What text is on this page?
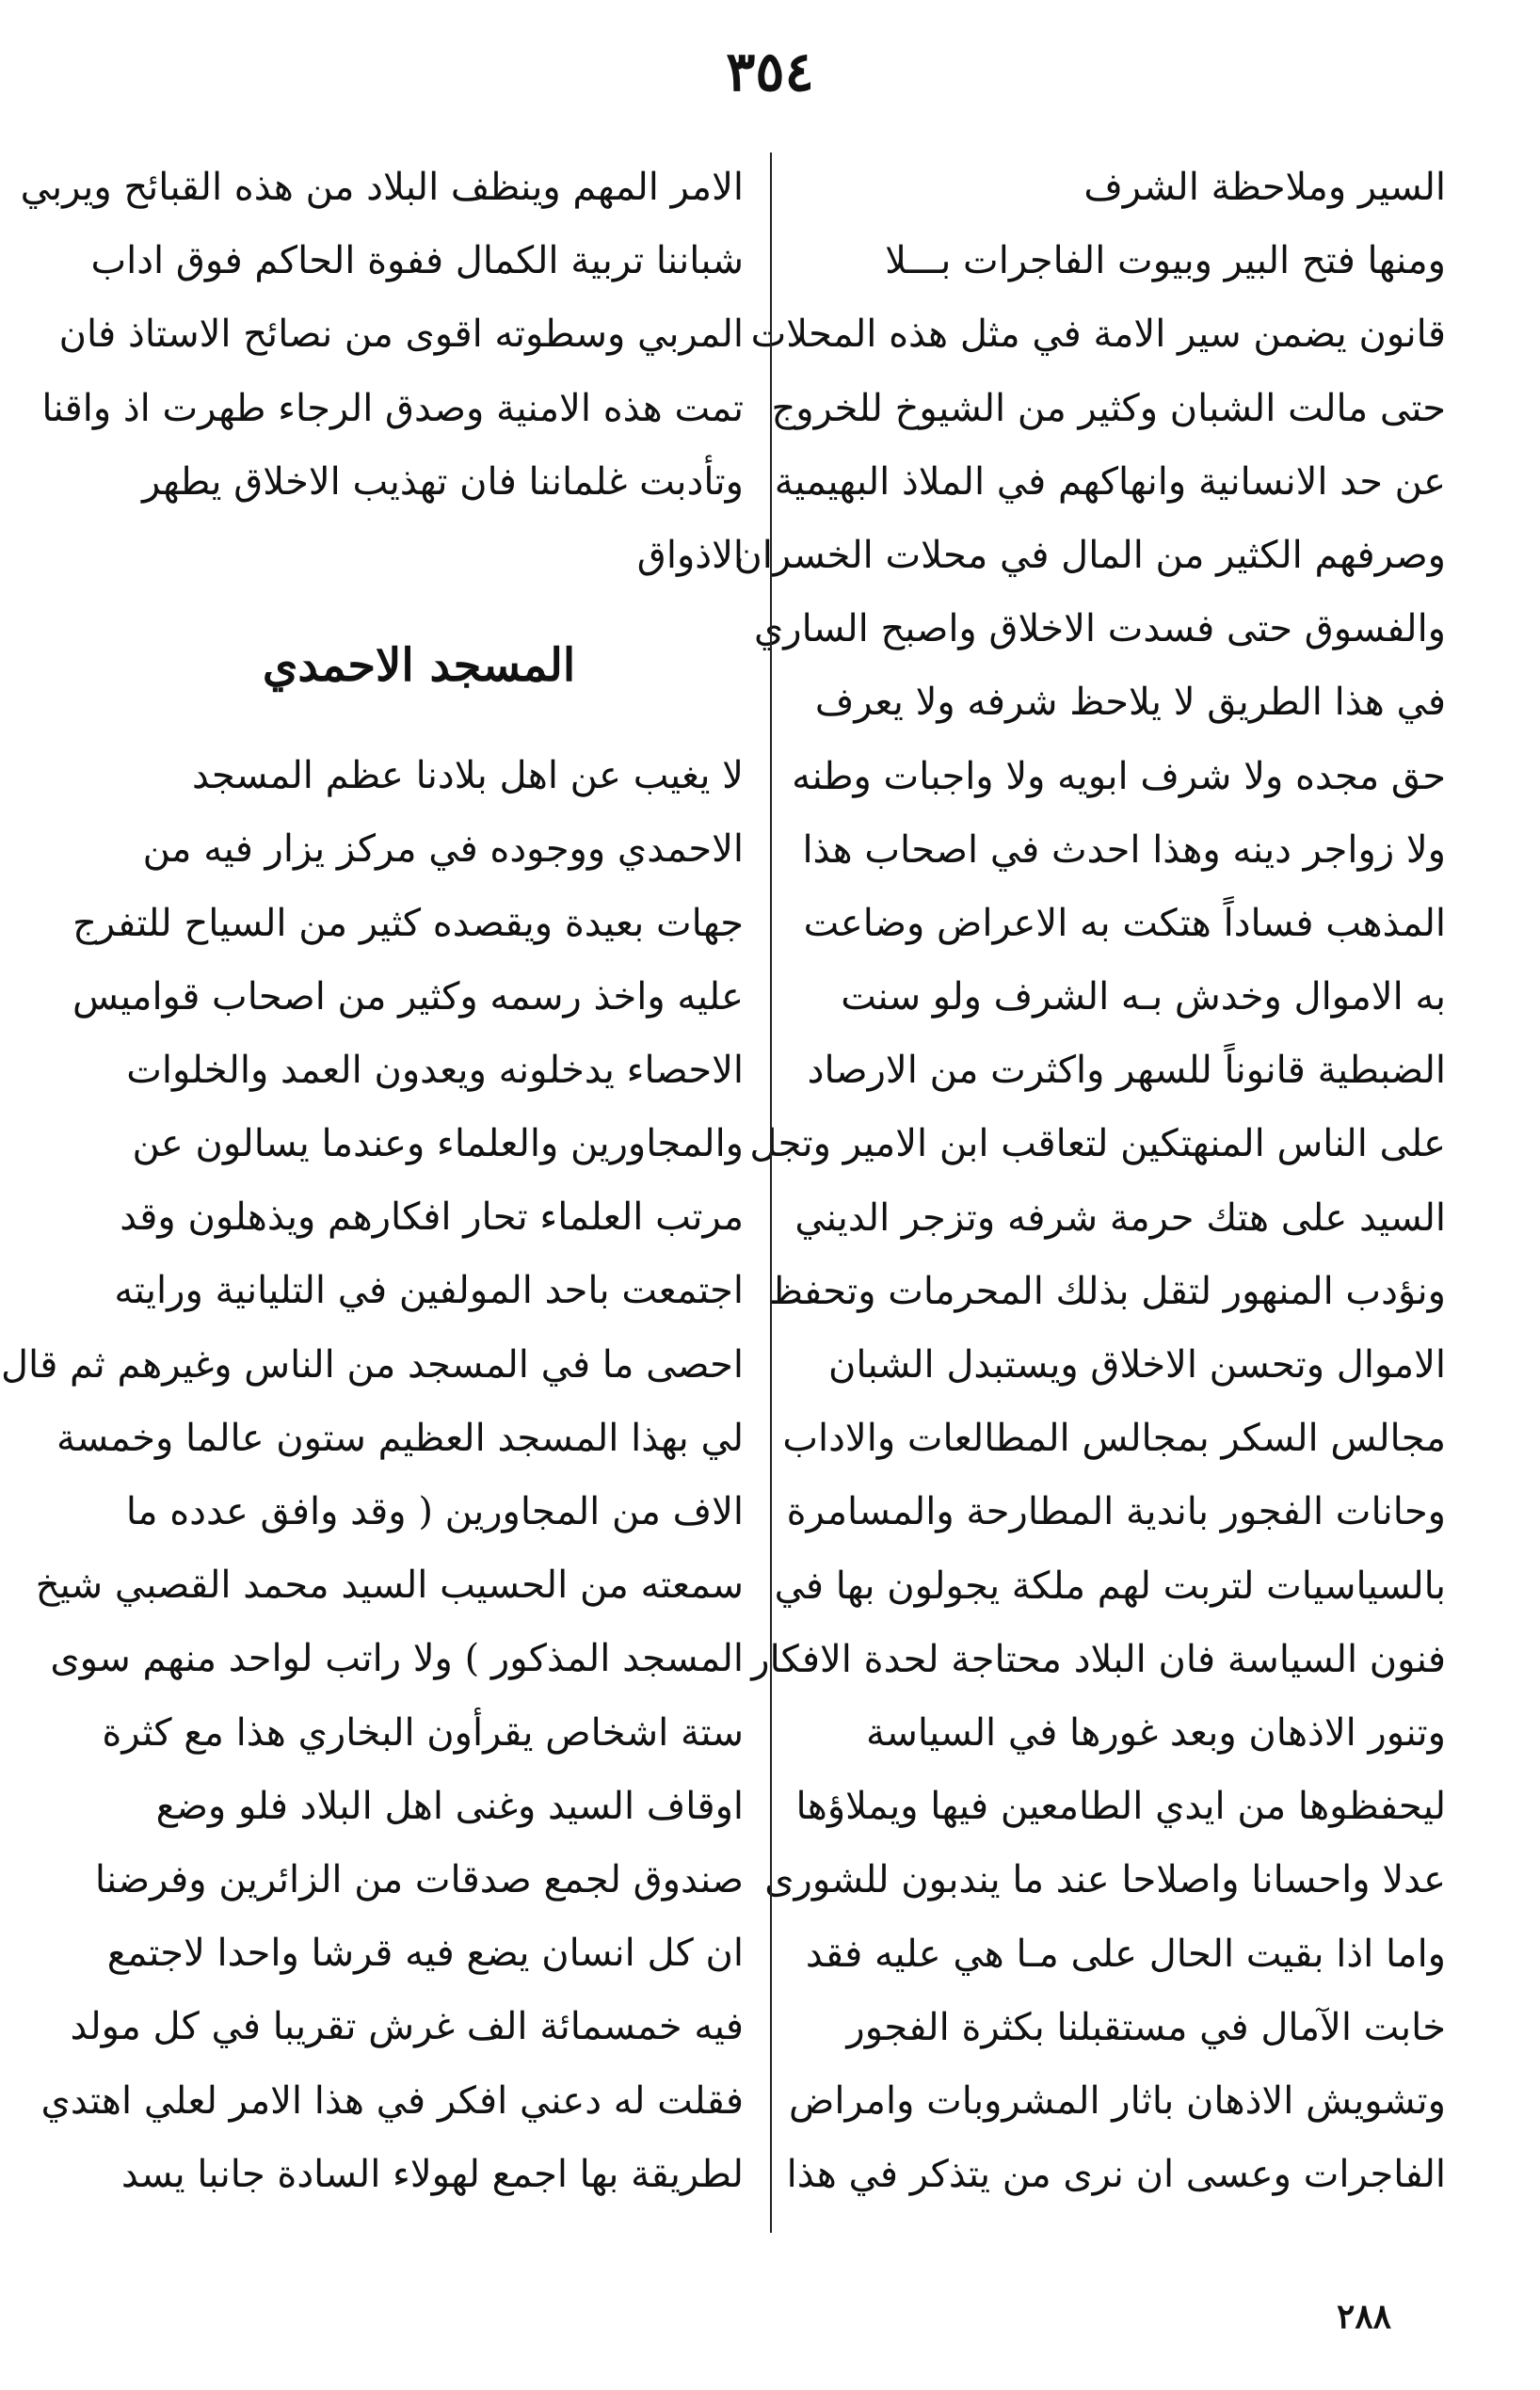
٣٥٤
السير وملاحظة الشرف
ومنها فتح البير وبيوت الفاجرات بـــلا
قانون يضمن سير الامة في مثل هذه المحلات
حتى مالت الشبان وكثير من الشيوخ للخروج
عن حد الانسانية وانهاكهم في الملاذ البهيمية
وصرفهم الكثير من المال في محلات الخسران
والفسوق حتى فسدت الاخلاق واصبح الساري
في هذا الطريق لا يلاحظ شرفه ولا يعرف
حق مجده ولا شرف ابويه ولا واجبات وطنه
ولا زواجر دينه وهذا احدث في اصحاب هذا
المذهب فساداً هتكت به الاعراض وضاعت
به الاموال وخدش بـه الشرف ولو سنت
الضبطية قانوناً للسهر واكثرت من الارصاد
على الناس المنهتكين لتعاقب ابن الامير وتجل
السيد على هتك حرمة شرفه وتزجر الديني
ونؤدب المنهور لتقل بذلك المحرمات وتحفظ
الاموال وتحسن الاخلاق ويستبدل الشبان
مجالس السكر بمجالس المطالعات والاداب
وحانات الفجور باندية المطارحة والمسامرة
بالسياسيات لتربت لهم ملكة يجولون بها في
فنون السياسة فان البلاد محتاجة لحدة الافكار
وتنور الاذهان وبعد غورها في السياسة
ليحفظوها من ايدي الطامعين فيها ويملاؤها
عدلا واحسانا واصلاحا عند ما يندبون للشورى
واما اذا بقيت الحال على مـا هي عليه فقد
خابت الآمال في مستقبلنا بكثرة الفجور
وتشويش الاذهان باثار المشروبات وامراض
الفاجرات وعسى ان نرى من يتذكر في هذا
الامر المهم وينظف البلاد من هذه القبائح ويربي
شباننا تربية الكمال ففوة الحاكم فوق اداب
المربي وسطوته اقوى من نصائح الاستاذ فان
تمت هذه الامنية وصدق الرجاء طهرت اذ واقنا
وتأدبت غلماننا فان تهذيب الاخلاق يطهر
الاذواق
المسجد الاحمدي
لا يغيب عن اهل بلادنا عظم المسجد
الاحمدي ووجوده في مركز يزار فيه من
جهات بعيدة ويقصده كثير من السياح للتفرج
عليه واخذ رسمه وكثير من اصحاب قواميس
الاحصاء يدخلونه ويعدون العمد والخلوات
والمجاورين والعلماء وعندما يسالون عن
مرتب العلماء تحار افكارهم ويذهلون وقد
اجتمعت باحد المولفين في التليانية ورايته
احصى ما في المسجد من الناس وغيرهم ثم قال
لي بهذا المسجد العظيم ستون عالما وخمسة
الاف من المجاورين ( وقد وافق عدده ما
سمعته من الحسيب السيد محمد القصبي شيخ
المسجد المذكور ) ولا راتب لواحد منهم سوى
ستة اشخاص يقرأون البخاري هذا مع كثرة
اوقاف السيد وغنى اهل البلاد فلو وضع
صندوق لجمع صدقات من الزائرين وفرضنا
ان كل انسان يضع فيه قرشا واحدا لاجتمع
فيه خمسمائة الف غرش تقريبا في كل مولد
فقلت له دعني افكر في هذا الامر لعلي اهتدي
لطريقة بها اجمع لهولاء السادة جانبا يسد
٢٨٨
